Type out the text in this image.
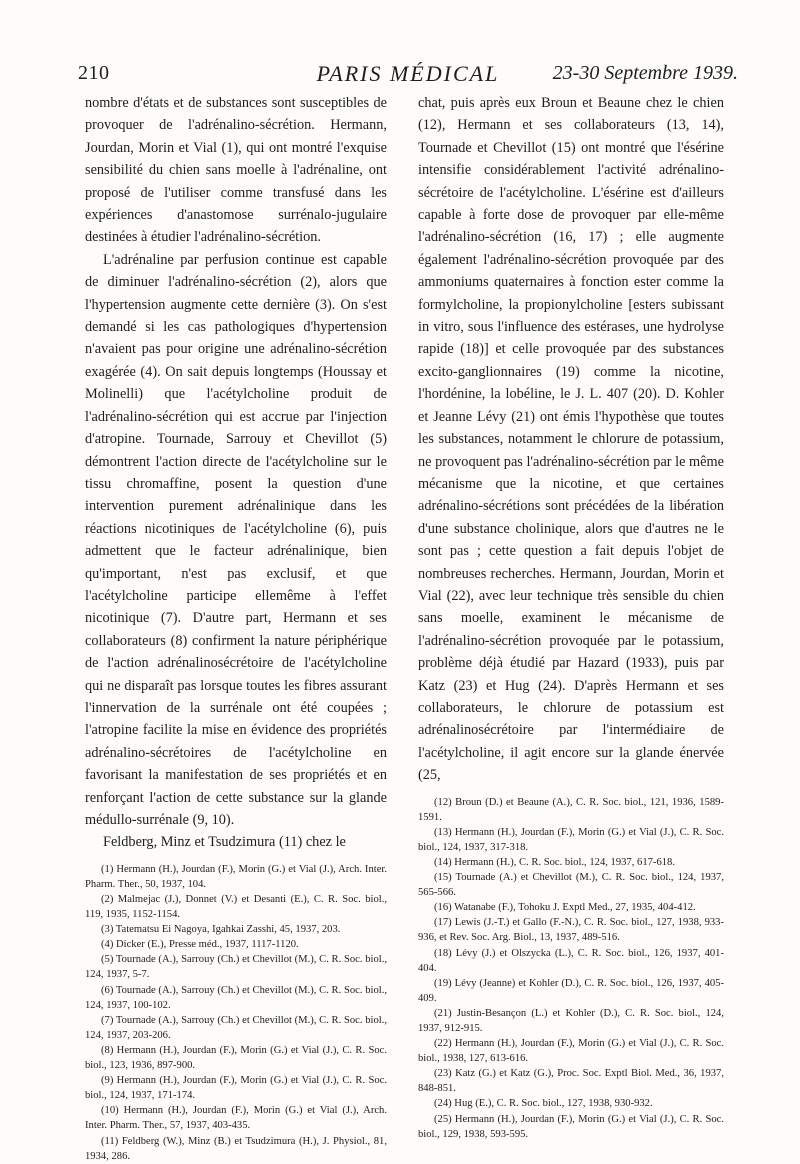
210	PARIS MÉDICAL	23-30 Septembre 1939.

nombre d'états et de substances sont susceptibles de provoquer de l'adrénalino-sécrétion. Hermann, Jourdan, Morin et Vial (1), qui ont montré l'exquise sensibilité du chien sans moelle à l'adrénaline, ont proposé de l'utiliser comme transfusé dans les expériences d'anastomose surrénalo-jugulaire destinées à étudier l'adrénalino-sécrétion.

L'adrénaline par perfusion continue est capable de diminuer l'adrénalino-sécrétion (2), alors que l'hypertension augmente cette dernière (3). On s'est demandé si les cas pathologiques d'hypertension n'avaient pas pour origine une adrénalino-sécrétion exagérée (4). On sait depuis longtemps (Houssay et Molinelli) que l'acétylcholine produit de l'adrénalino-sécrétion qui est accrue par l'injection d'atropine. Tournade, Sarrouy et Chevillot (5) démontrent l'action directe de l'acétylcholine sur le tissu chromaffine, posent la question d'une intervention purement adrénalinique dans les réactions nicotiniques de l'acétylcholine (6), puis admettent que le facteur adrénalinique, bien qu'important, n'est pas exclusif, et que l'acétylcholine participe ellemême à l'effet nicotinique (7). D'autre part, Hermann et ses collaborateurs (8) confirment la nature périphérique de l'action adrénalinosécrétoire de l'acétylcholine qui ne disparaît pas lorsque toutes les fibres assurant l'innervation de la surrénale ont été coupées ; l'atropine facilite la mise en évidence des propriétés adrénalino-sécrétoires de l'acétylcholine en favorisant la manifestation de ses propriétés et en renforçant l'action de cette substance sur la glande médullo-surrénale (9, 10).

Feldberg, Minz et Tsudzimura (11) chez le

(1) Hermann (H.), Jourdan (F.), Morin (G.) et Vial (J.), Arch. Inter. Pharm. Ther., 50, 1937, 104.

(2) Malmejac (J.), Donnet (V.) et Desanti (E.), C. R. Soc. biol., 119, 1935, 1152-1154.

(3) Tatematsu Ei Nagoya, Igahkai Zasshi, 45, 1937, 203.

(4) Dicker (E.), Presse méd., 1937, 1117-1120.

(5) Tournade (A.), Sarrouy (Ch.) et Chevillot (M.), C. R. Soc. biol., 124, 1937, 5-7.

(6) Tournade (A.), Sarrouy (Ch.) et Chevillot (M.), C. R. Soc. biol., 124, 1937, 100-102.

(7) Tournade (A.), Sarrouy (Ch.) et Chevillot (M.), C. R. Soc. biol., 124, 1937, 203-206.

(8) Hermann (H.), Jourdan (F.), Morin (G.) et Vial (J.), C. R. Soc. biol., 123, 1936, 897-900.

(9) Hermann (H.), Jourdan (F.), Morin (G.) et Vial (J.), C. R. Soc. biol., 124, 1937, 171-174.

(10) Hermann (H.), Jourdan (F.), Morin (G.) et Vial (J.), Arch. Inter. Pharm. Ther., 57, 1937, 403-435.

(11) Feldberg (W.), Minz (B.) et Tsudzimura (H.), J. Physiol., 81, 1934, 286.

chat, puis après eux Broun et Beaune chez le chien (12), Hermann et ses collaborateurs (13, 14), Tournade et Chevillot (15) ont montré que l'ésérine intensifie considérablement l'activité adrénalino-sécrétoire de l'acétylcholine. L'ésérine est d'ailleurs capable à forte dose de provoquer par elle-même l'adrénalino-sécrétion (16, 17) ; elle augmente également l'adrénalino-sécrétion provoquée par des ammoniums quaternaires à fonction ester comme la formylcholine, la propionylcholine [esters subissant in vitro, sous l'influence des estérases, une hydrolyse rapide (18)] et celle provoquée par des substances excito-ganglionnaires (19) comme la nicotine, l'hordénine, la lobéline, le J. L. 407 (20). D. Kohler et Jeanne Lévy (21) ont émis l'hypothèse que toutes les substances, notamment le chlorure de potassium, ne provoquent pas l'adrénalino-sécrétion par le même mécanisme que la nicotine, et que certaines adrénalino-sécrétions sont précédées de la libération d'une substance cholinique, alors que d'autres ne le sont pas ; cette question a fait depuis l'objet de nombreuses recherches. Hermann, Jourdan, Morin et Vial (22), avec leur technique très sensible du chien sans moelle, examinent le mécanisme de l'adrénalino-sécrétion provoquée par le potassium, problème déjà étudié par Hazard (1933), puis par Katz (23) et Hug (24). D'après Hermann et ses collaborateurs, le chlorure de potassium est adrénalinosécrétoire par l'intermédiaire de l'acétylcholine, il agit encore sur la glande énervée (25,

(12) Broun (D.) et Beaune (A.), C. R. Soc. biol., 121, 1936, 1589-1591.

(13) Hermann (H.), Jourdan (F.), Morin (G.) et Vial (J.), C. R. Soc. biol., 124, 1937, 317-318.

(14) Hermann (H.), C. R. Soc. biol., 124, 1937, 617-618.

(15) Tournade (A.) et Chevillot (M.), C. R. Soc. biol., 124, 1937, 565-566.

(16) Watanabe (F.), Tohoku J. Exptl Med., 27, 1935, 404-412.

(17) Lewis (J.-T.) et Gallo (F.-N.), C. R. Soc. biol., 127, 1938, 933-936, et Rev. Soc. Arg. Biol., 13, 1937, 489-516.

(18) Lévy (J.) et Olszycka (L.), C. R. Soc. biol., 126, 1937, 401-404.

(19) Lévy (Jeanne) et Kohler (D.), C. R. Soc. biol., 126, 1937, 405-409.

(21) Justin-Besançon (L.) et Kohler (D.), C. R. Soc. biol., 124, 1937, 912-915.

(22) Hermann (H.), Jourdan (F.), Morin (G.) et Vial (J.), C. R. Soc. biol., 1938, 127, 613-616.

(23) Katz (G.) et Katz (G.), Proc. Soc. Exptl Biol. Med., 36, 1937, 848-851.

(24) Hug (E.), C. R. Soc. biol., 127, 1938, 930-932.

(25) Hermann (H.), Jourdan (F.), Morin (G.) et Vial (J.), C. R. Soc. biol., 129, 1938, 593-595.
